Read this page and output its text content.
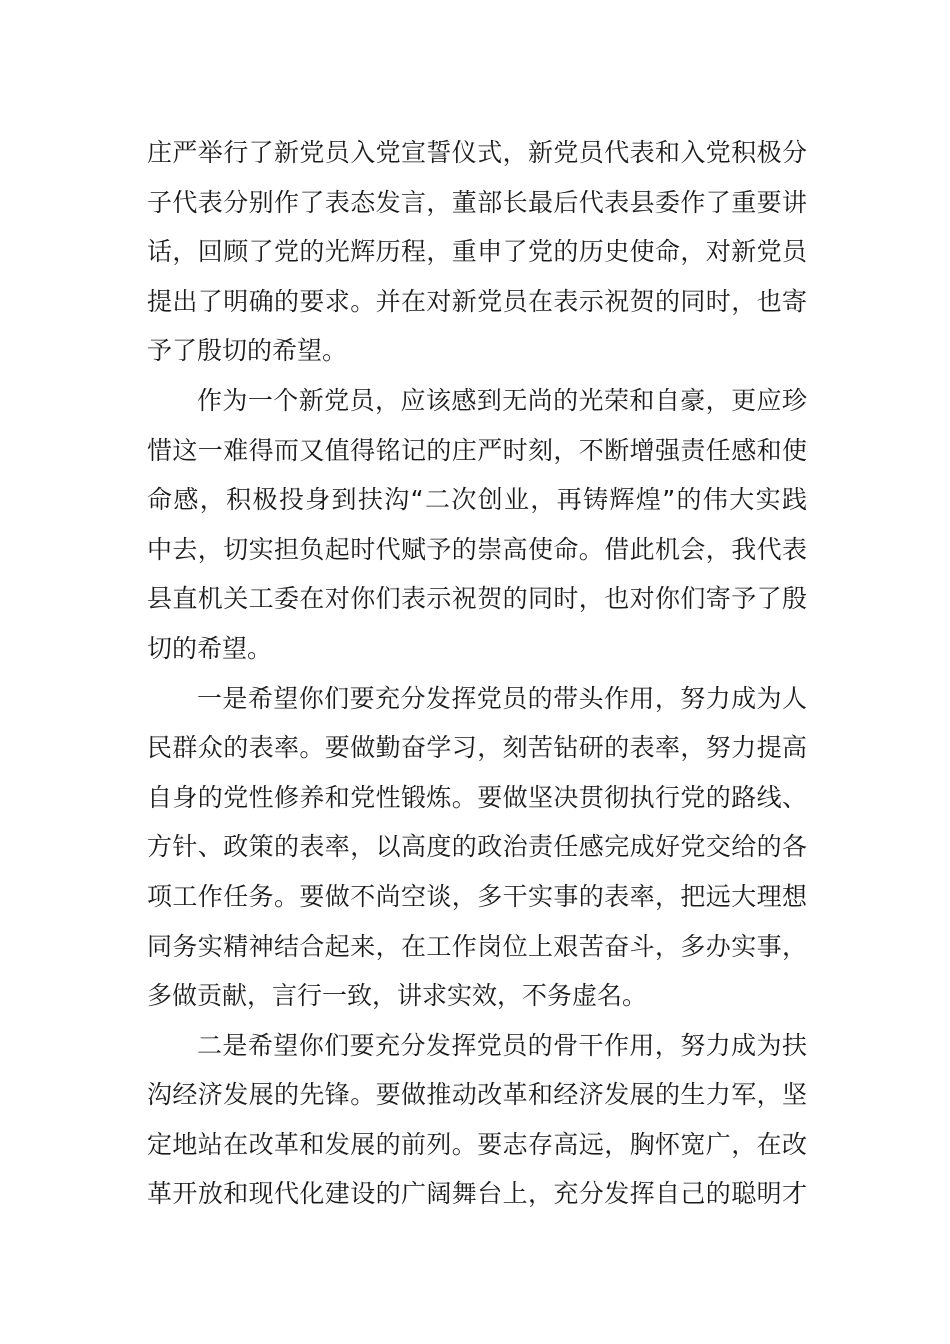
庄严举行了新党员入党宣誓仪式，新党员代表和入党积极分
子代表分别作了表态发言，董部长最后代表县委作了重要讲
话，回顾了党的光辉历程，重申了党的历史使命，对新党员
提出了明确的要求。并在对新党员在表示祝贺的同时，也寄
予了殷切的希望。
作为一个新党员，应该感到无尚的光荣和自豪，更应珍
惜这一难得而又值得铭记的庄严时刻，不断增强责任感和使
命感，积极投身到扶沟“二次创业，再铸辉煌”的伟大实践
中去，切实担负起时代赋予的崇高使命。借此机会，我代表
县直机关工委在对你们表示祝贺的同时，也对你们寄予了殷
切的希望。
一是希望你们要充分发挥党员的带头作用，努力成为人
民群众的表率。要做勤奋学习，刻苦钻研的表率，努力提高
自身的党性修养和党性锻炼。要做坚决贯彻执行党的路线、
方针、政策的表率，以高度的政治责任感完成好党交给的各
项工作任务。要做不尚空谈，多干实事的表率，把远大理想
同务实精神结合起来，在工作岗位上艰苦奋斗，多办实事，
多做贡献，言行一致，讲求实效，不务虚名。
二是希望你们要充分发挥党员的骨干作用，努力成为扶
沟经济发展的先锋。要做推动改革和经济发展的生力军，坚
定地站在改革和发展的前列。要志存高远，胸怀宽广，在改
革开放和现代化建设的广阔舞台上，充分发挥自己的聪明才
